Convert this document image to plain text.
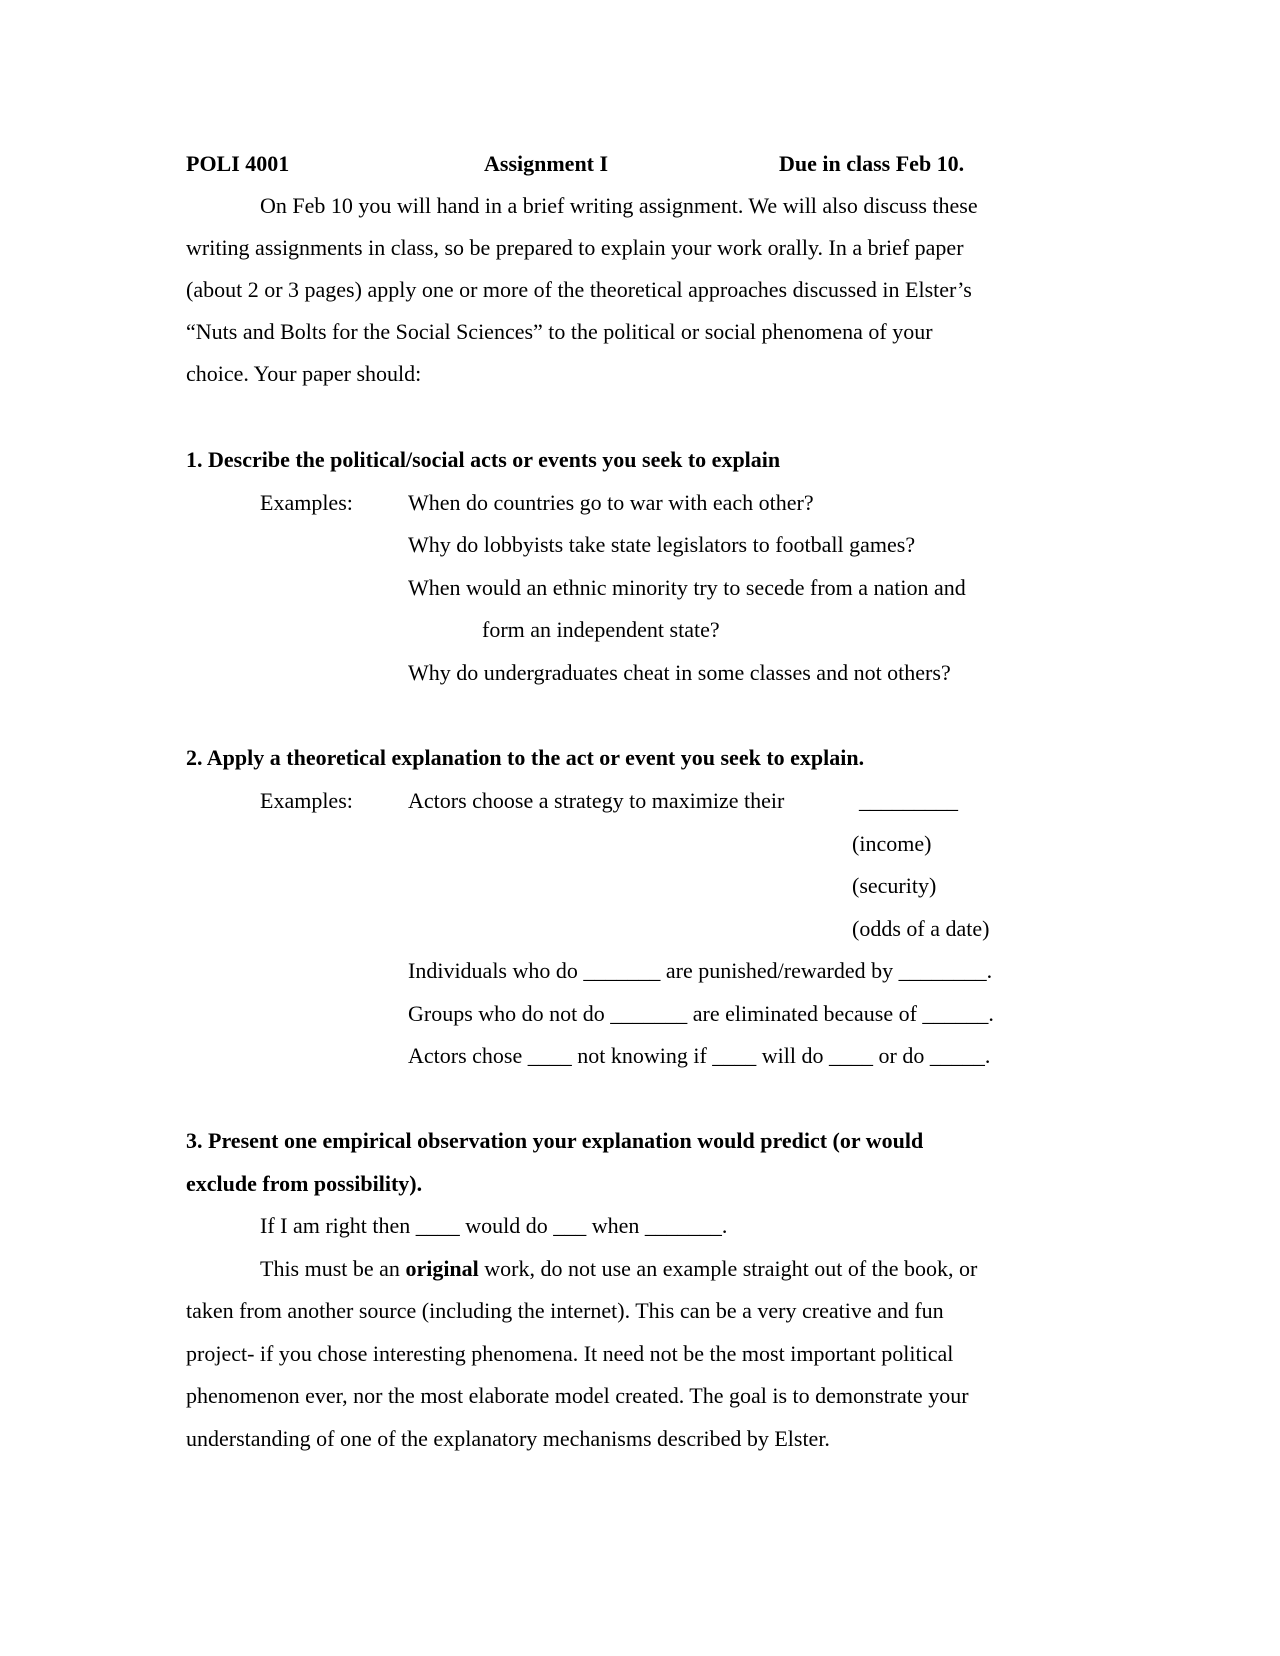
POLI 4001	Assignment I	Due in class Feb 10.
On Feb 10 you will hand in a brief writing assignment. We will also discuss these
writing assignments in class, so be prepared to explain your work orally. In a brief paper
(about 2 or 3 pages) apply one or more of the theoretical approaches discussed in Elster’s
“Nuts and Bolts for the Social Sciences” to the political or social phenomena of your
choice. Your paper should:
1. Describe the political/social acts or events you seek to explain
Examples:	When do countries go to war with each other?
Why do lobbyists take state legislators to football games?
When would an ethnic minority try to secede from a nation and
form an independent state?
Why do undergraduates cheat in some classes and not others?
2. Apply a theoretical explanation to the act or event you seek to explain.
Examples:	Actors choose a strategy to maximize their	_________
(income)
(security)
(odds of a date)
Individuals who do _______ are punished/rewarded by ________.
Groups who do not do _______ are eliminated because of ______.
Actors chose ____ not knowing if ____ will do ____ or do _____.
3. Present one empirical observation your explanation would predict (or would
exclude from possibility).
If I am right then ____ would do ___ when _______.
This must be an original work, do not use an example straight out of the book, or
taken from another source (including the internet). This can be a very creative and fun
project- if you chose interesting phenomena. It need not be the most important political
phenomenon ever, nor the most elaborate model created. The goal is to demonstrate your
understanding of one of the explanatory mechanisms described by Elster.
